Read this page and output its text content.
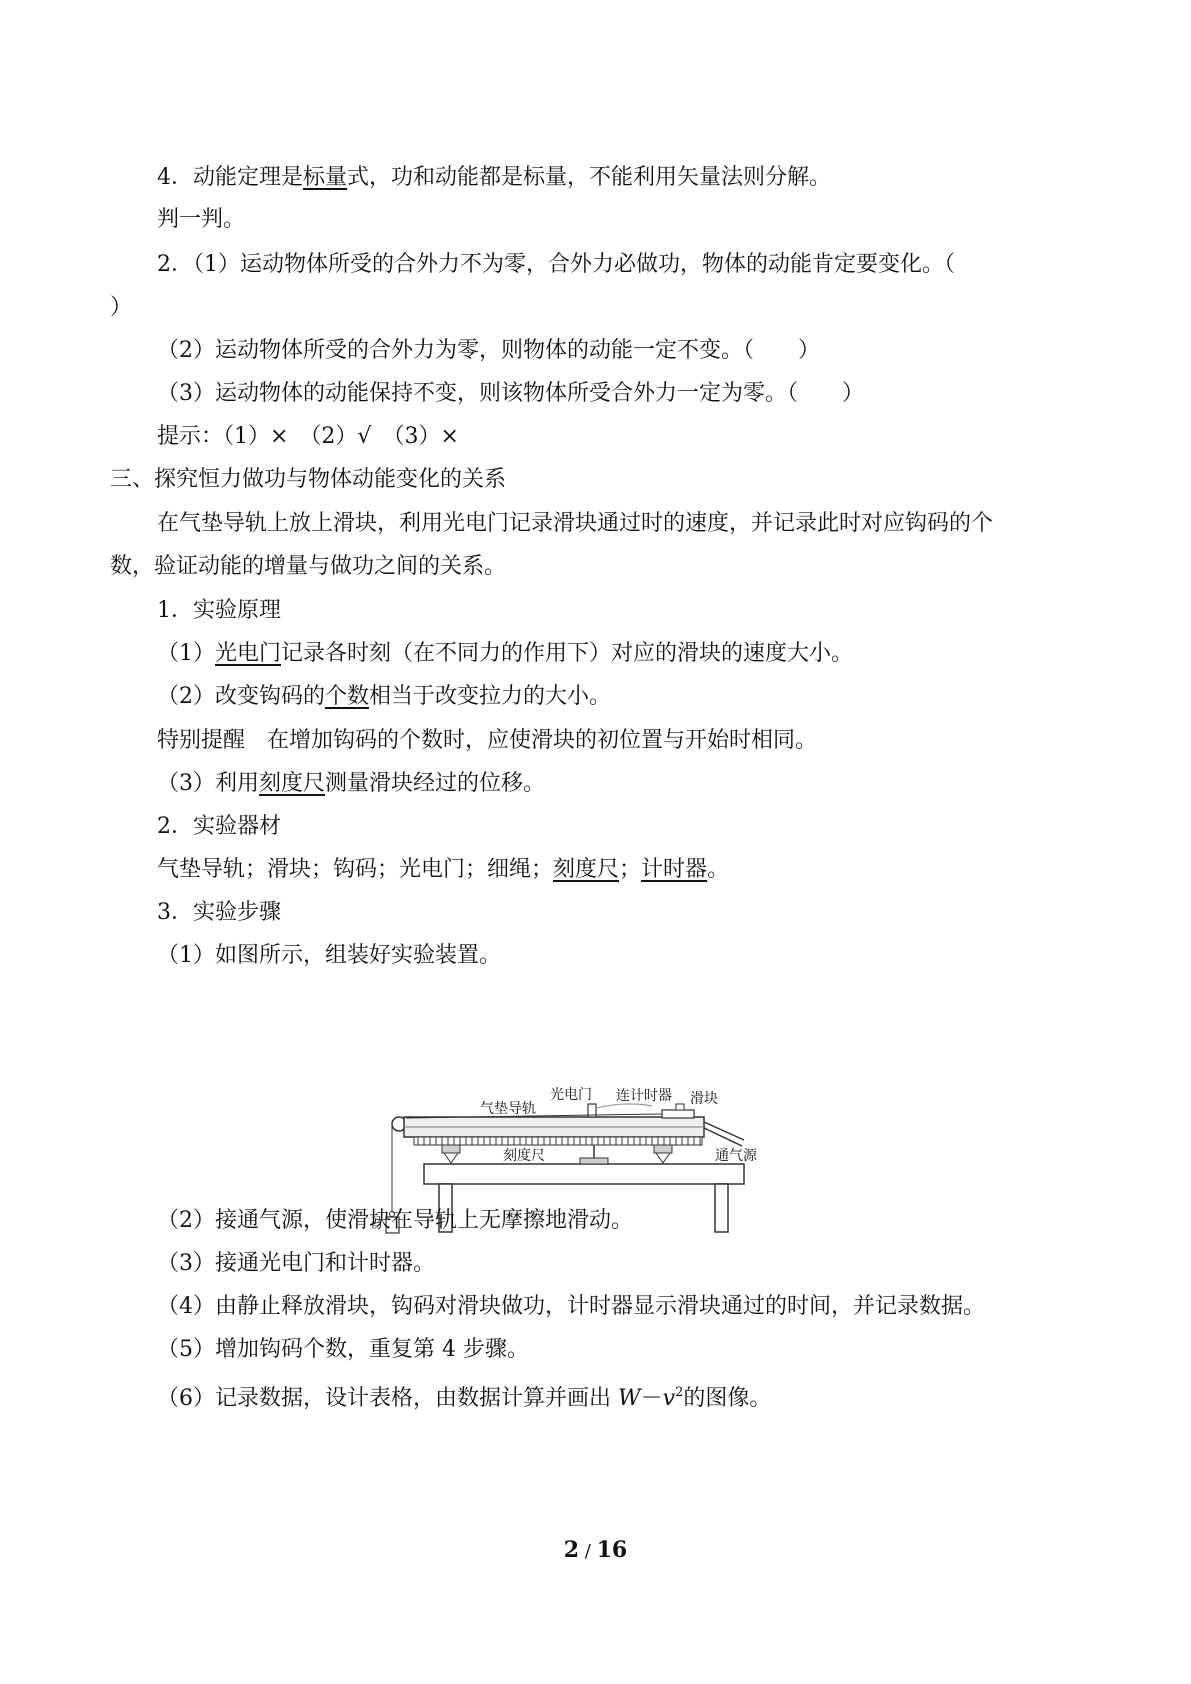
4．动能定理是标量式，功和动能都是标量，不能利用矢量法则分解。
判一判。
2．（1）运动物体所受的合外力不为零，合外力必做功，物体的动能肯定要变化。（
）
（2）运动物体所受的合外力为零，则物体的动能一定不变。（　　）
（3）运动物体的动能保持不变，则该物体所受合外力一定为零。（　　）
提示：（1）×　（2）√　（3）×
三、探究恒力做功与物体动能变化的关系
在气垫导轨上放上滑块，利用光电门记录滑块通过时的速度，并记录此时对应钩码的个
数，验证动能的增量与做功之间的关系。
1．实验原理
（1）光电门记录各时刻（在不同力的作用下）对应的滑块的速度大小。
（2）改变钩码的个数相当于改变拉力的大小。
特别提醒　在增加钩码的个数时，应使滑块的初位置与开始时相同。
（3）利用刻度尺测量滑块经过的位移。
2．实验器材
气垫导轨；滑块；钩码；光电门；细绳；刻度尺；计时器。
3．实验步骤
（1）如图所示，组装好实验装置。
气垫导轨
光电门 连计时器 滑块
刻度尺	通气源
码
（2）接通气源，使滑块在导轨上无摩擦地滑动。
（3）接通光电门和计时器。
（4）由静止释放滑块，钩码对滑块做功，计时器显示滑块通过的时间，并记录数据。
（5）增加钩码个数，重复第 4 步骤。
（6）记录数据，设计表格，由数据计算并画出 $W-v^2$的图像。
2 / 16
